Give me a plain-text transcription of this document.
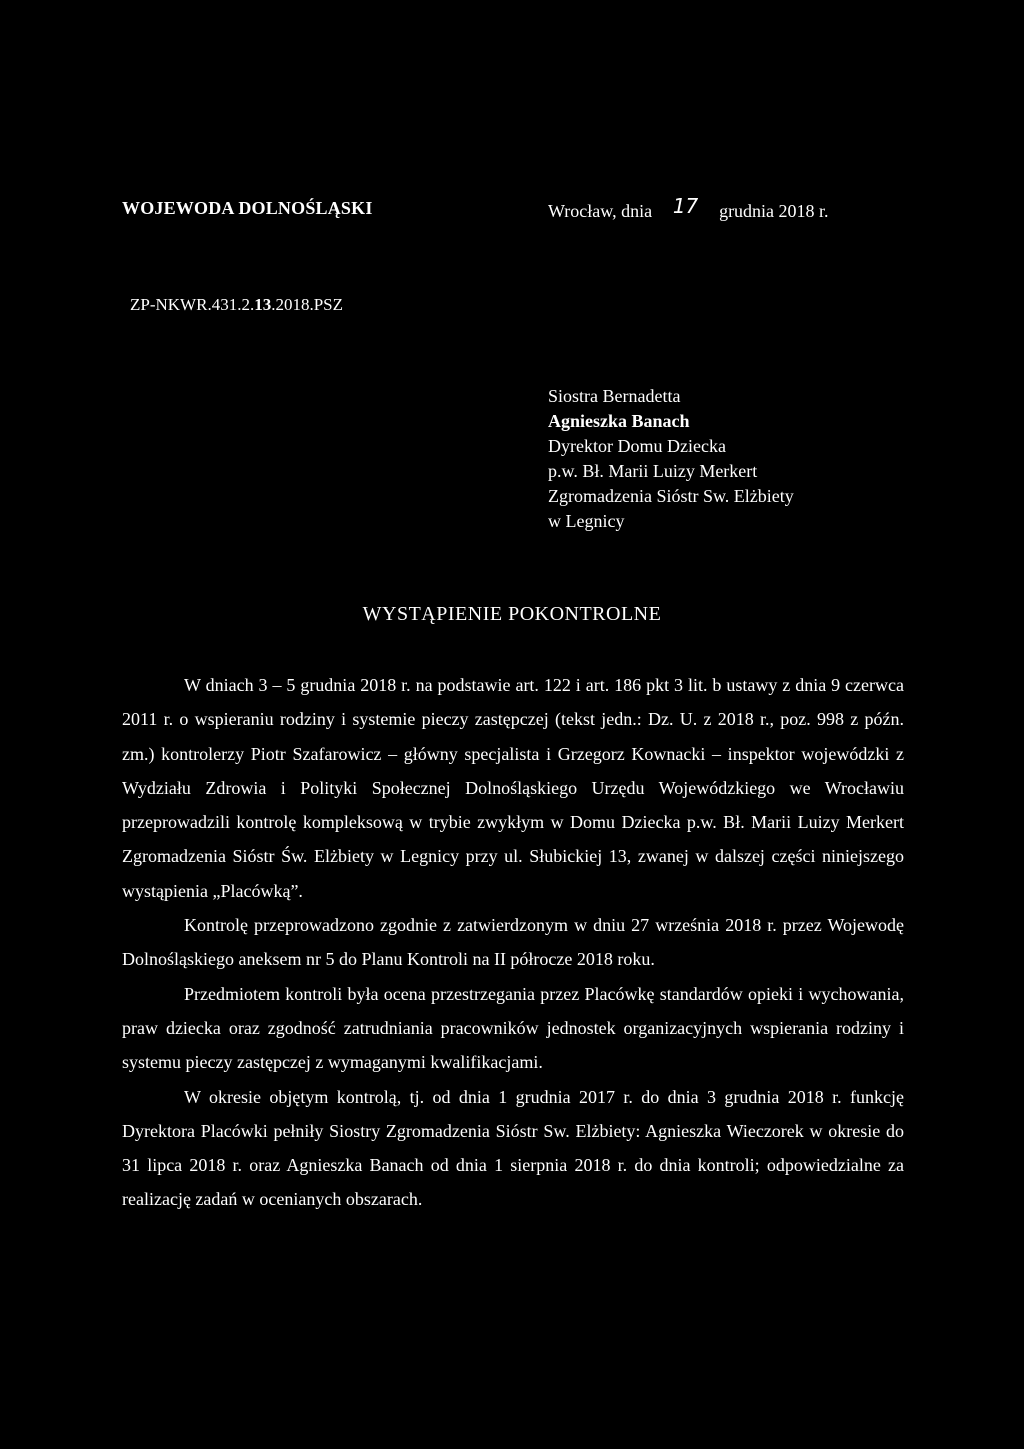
WOJEWODA DOLNOŚLĄSKI	Wrocław, dnia 17 grudnia 2018 r.
ZP-NKWR.431.2.13.2018.PSZ
Siostra Bernadetta
Agnieszka Banach
Dyrektor Domu Dziecka
p.w. Bł. Marii Luizy Merkert
Zgromadzenia Sióstr Sw. Elżbiety
w Legnicy
WYSTĄPIENIE POKONTROLNE

W dniach 3 – 5 grudnia 2018 r. na podstawie art. 122 i art. 186 pkt 3 lit. b ustawy z dnia 9 czerwca 2011 r. o wspieraniu rodziny i systemie pieczy zastępczej (tekst jedn.: Dz. U. z 2018 r., poz. 998 z późn. zm.) kontrolerzy Piotr Szafarowicz – główny specjalista i Grzegorz Kownacki – inspektor wojewódzki z Wydziału Zdrowia i Polityki Społecznej Dolnośląskiego Urzędu Wojewódzkiego we Wrocławiu przeprowadzili kontrolę kompleksową w trybie zwykłym w Domu Dziecka p.w. Bł. Marii Luizy Merkert Zgromadzenia Sióstr Św. Elżbiety w Legnicy przy ul. Słubickiej 13, zwanej w dalszej części niniejszego wystąpienia „Placówką”.

Kontrolę przeprowadzono zgodnie z zatwierdzonym w dniu 27 września 2018 r. przez Wojewodę Dolnośląskiego aneksem nr 5 do Planu Kontroli na II półrocze 2018 roku.

Przedmiotem kontroli była ocena przestrzegania przez Placówkę standardów opieki i wychowania, praw dziecka oraz zgodność zatrudniania pracowników jednostek organizacyjnych wspierania rodziny i systemu pieczy zastępczej z wymaganymi kwalifikacjami.

W okresie objętym kontrolą, tj. od dnia 1 grudnia 2017 r. do dnia 3 grudnia 2018 r. funkcję Dyrektora Placówki pełniły Siostry Zgromadzenia Sióstr Sw. Elżbiety: Agnieszka Wieczorek w okresie do 31 lipca 2018 r. oraz Agnieszka Banach od dnia 1 sierpnia 2018 r. do dnia kontroli; odpowiedzialne za realizację zadań w ocenianych obszarach.
